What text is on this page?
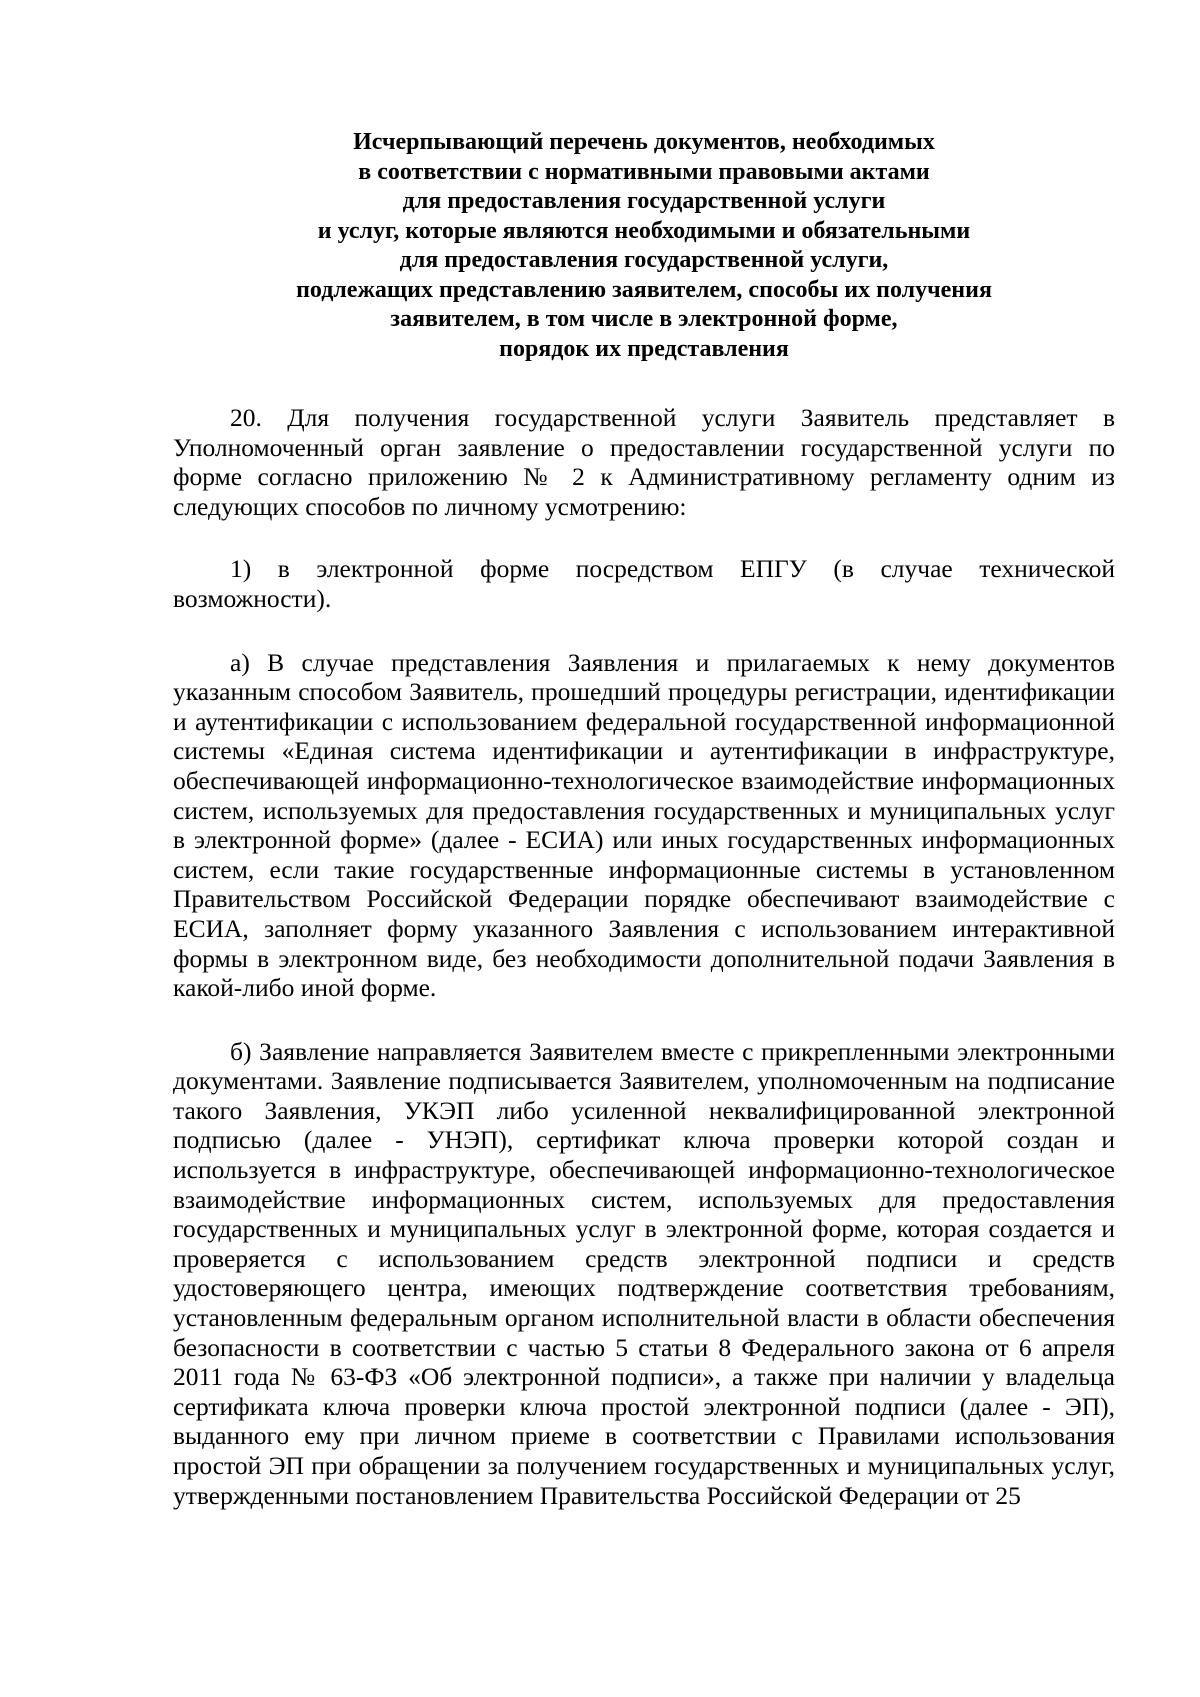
Исчерпывающий перечень документов, необходимых
в соответствии с нормативными правовыми актами
для предоставления государственной услуги
и услуг, которые являются необходимыми и обязательными
для предоставления государственной услуги,
подлежащих представлению заявителем, способы их получения
заявителем, в том числе в электронной форме,
порядок их представления

20. Для получения государственной услуги Заявитель представляет в Уполномоченный орган заявление о предоставлении государственной услуги по форме согласно приложению № 2 к Административному регламенту одним из следующих способов по личному усмотрению:

1) в электронной форме посредством ЕПГУ (в случае технической возможности).

а) В случае представления Заявления и прилагаемых к нему документов указанным способом Заявитель, прошедший процедуры регистрации, идентификации и аутентификации с использованием федеральной государственной информационной системы «Единая система идентификации и аутентификации в инфраструктуре, обеспечивающей информационно-технологическое взаимодействие информационных систем, используемых для предоставления государственных и муниципальных услуг в электронной форме» (далее - ЕСИА) или иных государственных информационных систем, если такие государственные информационные системы в установленном Правительством Российской Федерации порядке обеспечивают взаимодействие с ЕСИА, заполняет форму указанного Заявления с использованием интерактивной формы в электронном виде, без необходимости дополнительной подачи Заявления в какой-либо иной форме.

б) Заявление направляется Заявителем вместе с прикрепленными электронными документами. Заявление подписывается Заявителем, уполномоченным на подписание такого Заявления, УКЭП либо усиленной неквалифицированной электронной подписью (далее - УНЭП), сертификат ключа проверки которой создан и используется в инфраструктуре, обеспечивающей информационно-технологическое взаимодействие информационных систем, используемых для предоставления государственных и муниципальных услуг в электронной форме, которая создается и проверяется с использованием средств электронной подписи и средств удостоверяющего центра, имеющих подтверждение соответствия требованиям, установленным федеральным органом исполнительной власти в области обеспечения безопасности в соответствии с частью 5 статьи 8 Федерального закона от 6 апреля 2011 года № 63-ФЗ «Об электронной подписи», а также при наличии у владельца сертификата ключа проверки ключа простой электронной подписи (далее - ЭП), выданного ему при личном приеме в соответствии с Правилами использования простой ЭП при обращении за получением государственных и муниципальных услуг, утвержденными постановлением Правительства Российской Федерации от 25
